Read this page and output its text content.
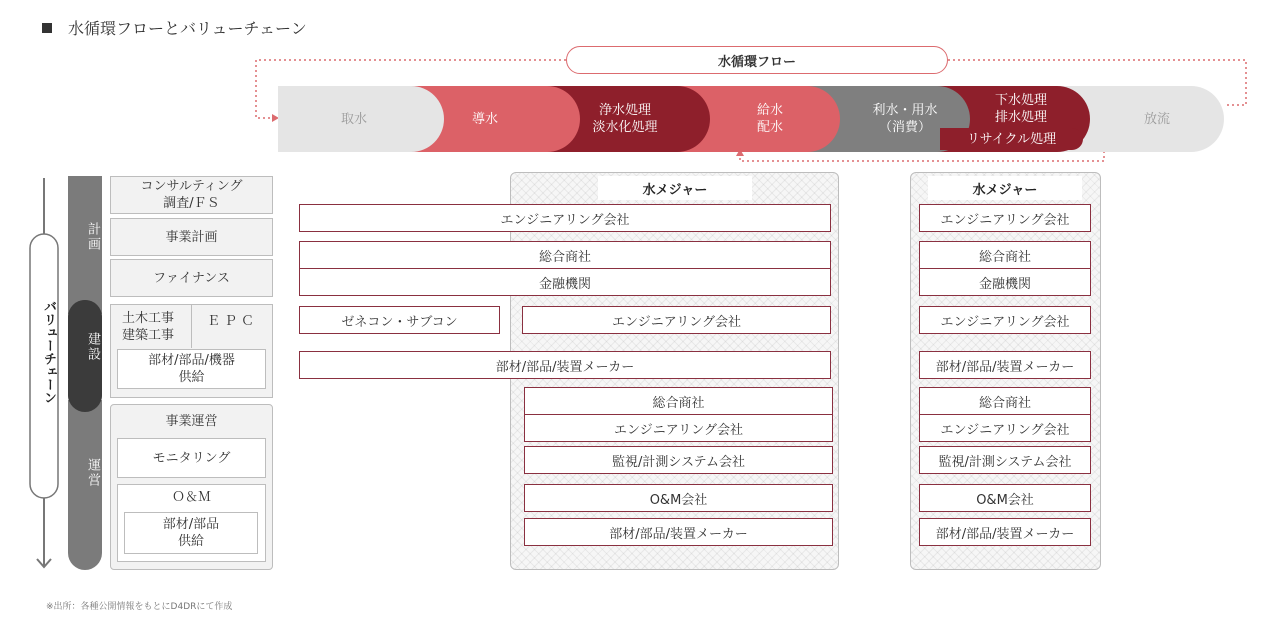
水循環フローとバリューチェーン
水循環フロー
放流
下水処理
排水処理
利水・用水
（消費）
リサイクル処理
給水
配水
浄水処理
淡水化処理
導水
取水
バリューチェーン
計画
建設
運営
コンサルティング
調査/ＦＳ
事業計画
ファイナンス
土木工事
建築工事
ＥＰＣ
部材/部品/機器
供給
事業運営
モニタリング
Ｏ＆Ｍ
部材/部品
供給
水メジャー	水メジャー
エンジニアリング会社
総合商社
金融機関
ゼネコン・サブコン	エンジニアリング会社
部材/部品/装置メーカー
総合商社
エンジニアリング会社
監視/計測システム会社
O&M会社
部材/部品/装置メーカー
エンジニアリング会社
総合商社
金融機関
エンジニアリング会社
部材/部品/装置メーカー
総合商社
エンジニアリング会社
監視/計測システム会社
O&M会社
部材/部品/装置メーカー
※出所：各種公開情報をもとにD4DRにて作成
